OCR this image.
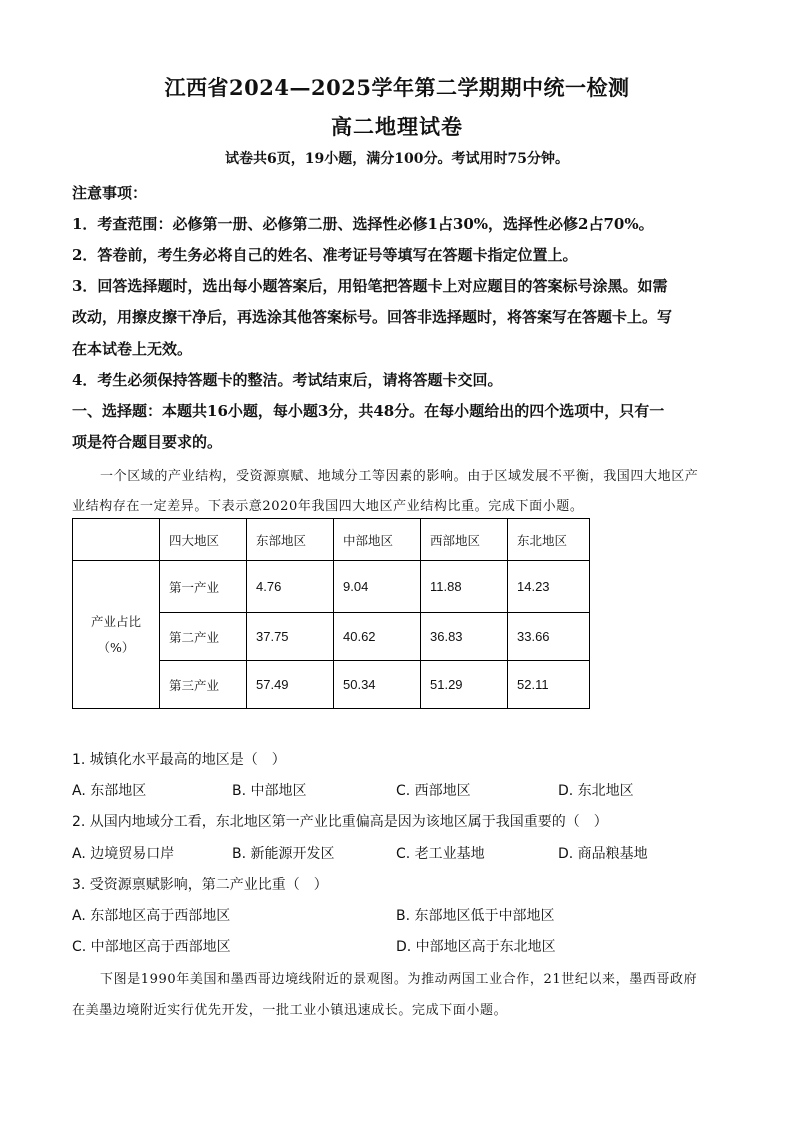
江西省2024—2025学年第二学期期中统一检测
高二地理试卷
试卷共6页，19小题，满分100分。考试用时75分钟。
注意事项：
1．考查范围：必修第一册、必修第二册、选择性必修1占30%，选择性必修2占70%。
2．答卷前，考生务必将自己的姓名、准考证号等填写在答题卡指定位置上。
3．回答选择题时，选出每小题答案后，用铅笔把答题卡上对应题目的答案标号涂黑。如需
改动，用擦皮擦干净后，再选涂其他答案标号。回答非选择题时，将答案写在答题卡上。写
在本试卷上无效。
4．考生必须保持答题卡的整洁。考试结束后，请将答题卡交回。
一、选择题：本题共16小题，每小题3分，共48分。在每小题给出的四个选项中，只有一
项是符合题目要求的。
一个区域的产业结构，受资源禀赋、地域分工等因素的影响。由于区域发展不平衡，我国四大地区产
业结构存在一定差异。下表示意2020年我国四大地区产业结构比重。完成下面小题。
	四大地区	东部地区	中部地区	西部地区	东北地区

产业占比
（%）	第一产业	4.76	9.04	11.88	14.23
	第二产业	37.75	40.62	36.83	33.66
	第三产业	57.49	50.34	51.29	52.11
1. 城镇化水平最高的地区是（　）
A. 东部地区	B. 中部地区	C. 西部地区	D. 东北地区
2. 从国内地域分工看，东北地区第一产业比重偏高是因为该地区属于我国重要的（　）
A. 边境贸易口岸	B. 新能源开发区	C. 老工业基地	D. 商品粮基地
3. 受资源禀赋影响，第二产业比重（　）
A. 东部地区高于西部地区	B. 东部地区低于中部地区
C. 中部地区高于西部地区	D. 中部地区高于东北地区
下图是1990年美国和墨西哥边境线附近的景观图。为推动两国工业合作，21世纪以来，墨西哥政府
在美墨边境附近实行优先开发，一批工业小镇迅速成长。完成下面小题。
